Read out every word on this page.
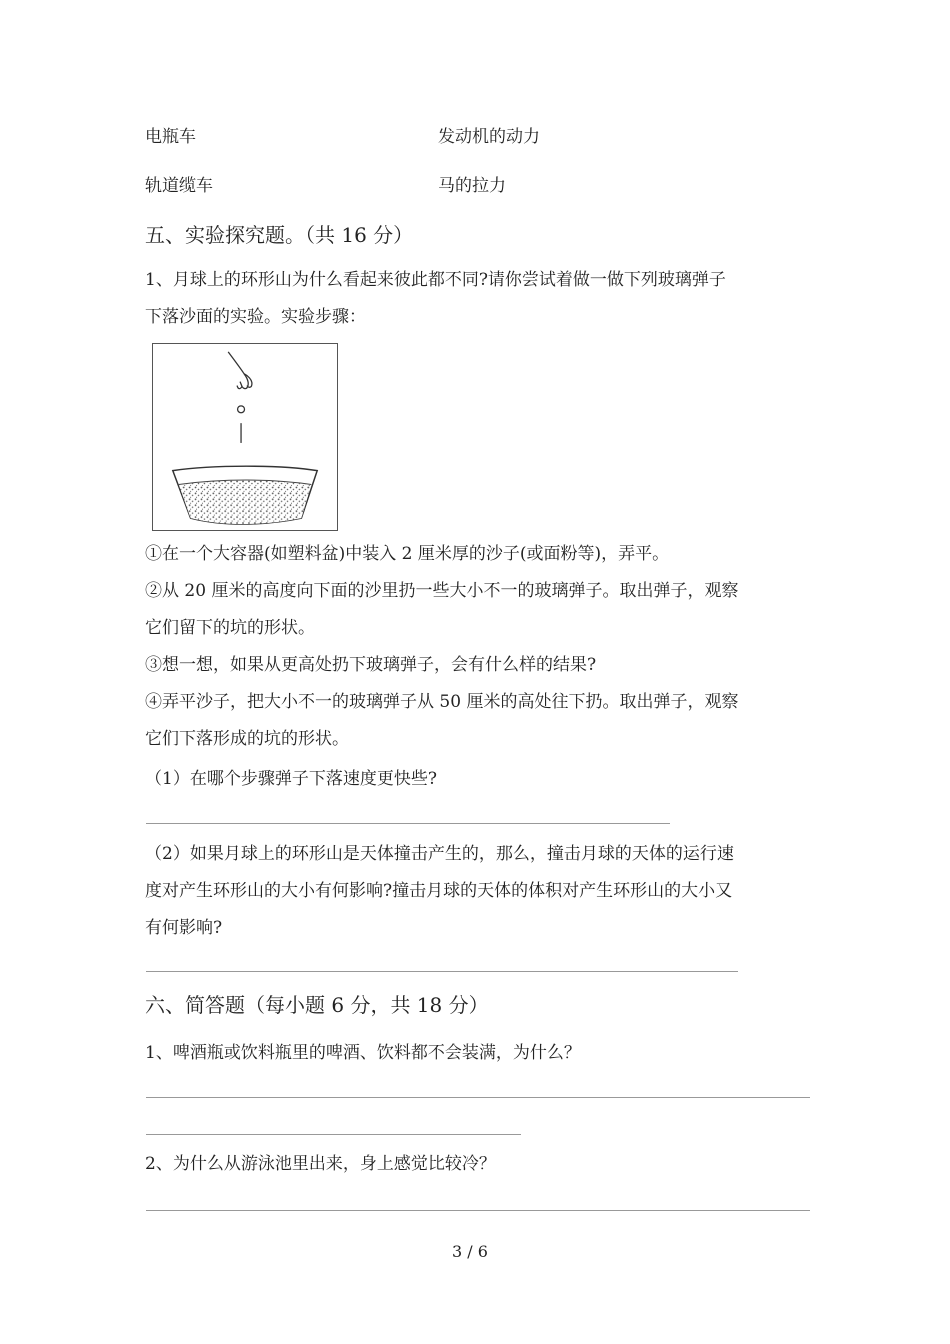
电瓶车	发动机的动力
轨道缆车	马的拉力
五、实验探究题。（共 16 分）
1、月球上的环形山为什么看起来彼此都不同?请你尝试着做一做下列玻璃弹子
下落沙面的实验。实验步骤：
①在一个大容器(如塑料盆)中装入 2 厘米厚的沙子(或面粉等)，弄平。
②从 20 厘米的高度向下面的沙里扔一些大小不一的玻璃弹子。取出弹子，观察
它们留下的坑的形状。
③想一想，如果从更高处扔下玻璃弹子，会有什么样的结果?
④弄平沙子，把大小不一的玻璃弹子从 50 厘米的高处往下扔。取出弹子，观察
它们下落形成的坑的形状。
（1）在哪个步骤弹子下落速度更快些?
（2）如果月球上的环形山是天体撞击产生的，那么，撞击月球的天体的运行速
度对产生环形山的大小有何影响?撞击月球的天体的体积对产生环形山的大小又
有何影响?
六、简答题（每小题 6 分，共 18 分）
1、啤酒瓶或饮料瓶里的啤酒、饮料都不会装满，为什么？
2、为什么从游泳池里出来，身上感觉比较冷？
3 / 6
